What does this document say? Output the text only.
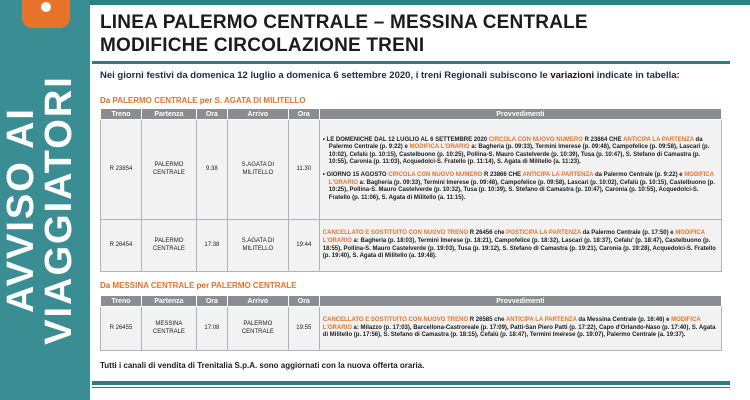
AVVISO AI
VIAGGIATORI
LINEA PALERMO CENTRALE – MESSINA CENTRALE
MODIFICHE CIRCOLAZIONE TRENI
Nei giorni festivi da domenica 12 luglio a domenica 6 settembre 2020, i treni Regionali subiscono le variazioni indicate in tabella:
Da PALERMO CENTRALE per S. AGATA DI MILITELLO
Treno	Partenza	Ora	Arrivo	Ora	Provvedimenti
R 23854	PALERMO CENTRALE	9.38	S.AGATA DI MILITELLO	11.30	• LE DOMENICHE DAL 12 LUGLIO AL 6 SETTEMBRE 2020 CIRCOLA CON NUOVO NUMERO R 23864 CHE ANTICIPA LA PARTENZA da Palermo Centrale (p. 9:22) e MODIFICA L'ORARIO a: Bagheria (p. 09:33), Termini Imerese (p. 09:48), Campofelice (p. 09:58), Lascari (p. 10:02), Cefalù (p. 10:15), Castelbuono (p. 10:25), Pollina-S. Mauro Castelverde (p. 10:39), Tusa (p. 10:47), S. Stefano di Camastra (p. 10:55), Caronia (p. 11:03), Acquedolci-S. Fratello (p. 11:14), S. Agata di Militello (a. 11:23).
• GIORNO 15 AGOSTO CIRCOLA CON NUOVO NUMERO R 23866 CHE ANTICIPA LA PARTENZA da Palermo Centrale (p. 9:22) e MODIFICA L'ORARIO a: Bagheria (p. 09:33), Termini Imerese (p. 09:48), Campofelice (p. 09:58), Lascari (p. 10:02), Cefalù (p. 10:15), Castelbuono (p. 10:25), Pollina-S. Mauro Castelverde (p. 10:32), Tusa (p. 10:39), S. Stefano di Camastra (p. 10:47), Caronia (p. 10:55), Acquedolci-S. Fratello (p. 11:06), S. Agata di Militello (a. 11:15).

R 26454	PALERMO CENTRALE	17:38	S.AGATA DI MILITELLO	19:44	CANCELLATO E SOSTITUITO CON NUOVO TRENO R 26456 che POSTICIPA LA PARTENZA da Palermo Centrale (p. 17:50) e MODIFICA L'ORARIO a: Bagheria (p. 18:03), Termini Imerese (p. 18:21), Campofelice (p. 18:32), Lascari (p. 18:37), Cefalu' (p. 18:47), Castelbuono (p. 18:55), Pollina-S. Mauro Castelverde (p. 19:03), Tusa (p. 19:12), S. Stefano di Camastra (p. 19:21), Caronia (p. 19:28), Acquedolci-S. Fratello (p. 19:40), S. Agata di Militello (a. 19:48).
Da MESSINA CENTRALE per PALERMO CENTRALE
Treno	Partenza	Ora	Arrivo	Ora	Provvedimenti
R 26455	MESSINA CENTRALE	17:08	PALERMO CENTRALE	19:55	CANCELLATO E SOSTITUITO CON NUOVO TRENO R 26585 che ANTICIPA LA PARTENZA da Messina Centrale (p. 16:46) e MODIFICA L'ORARIO a: Milazzo (p. 17:03), Barcellona-Castroreale (p. 17:09), Patti-San Piero Patti (p. 17:22), Capo d'Orlando-Naso (p. 17:40), S. Agata di Militello (p. 17:56), S. Stefano di Camastra (p. 18:15), Cefalù (p. 18:47), Termini Imerese (p. 19:07), Palermo Centrale (a. 19:37).
Tutti i canali di vendita di Trenitalia S.p.A. sono aggiornati con la nuova offerta oraria.
